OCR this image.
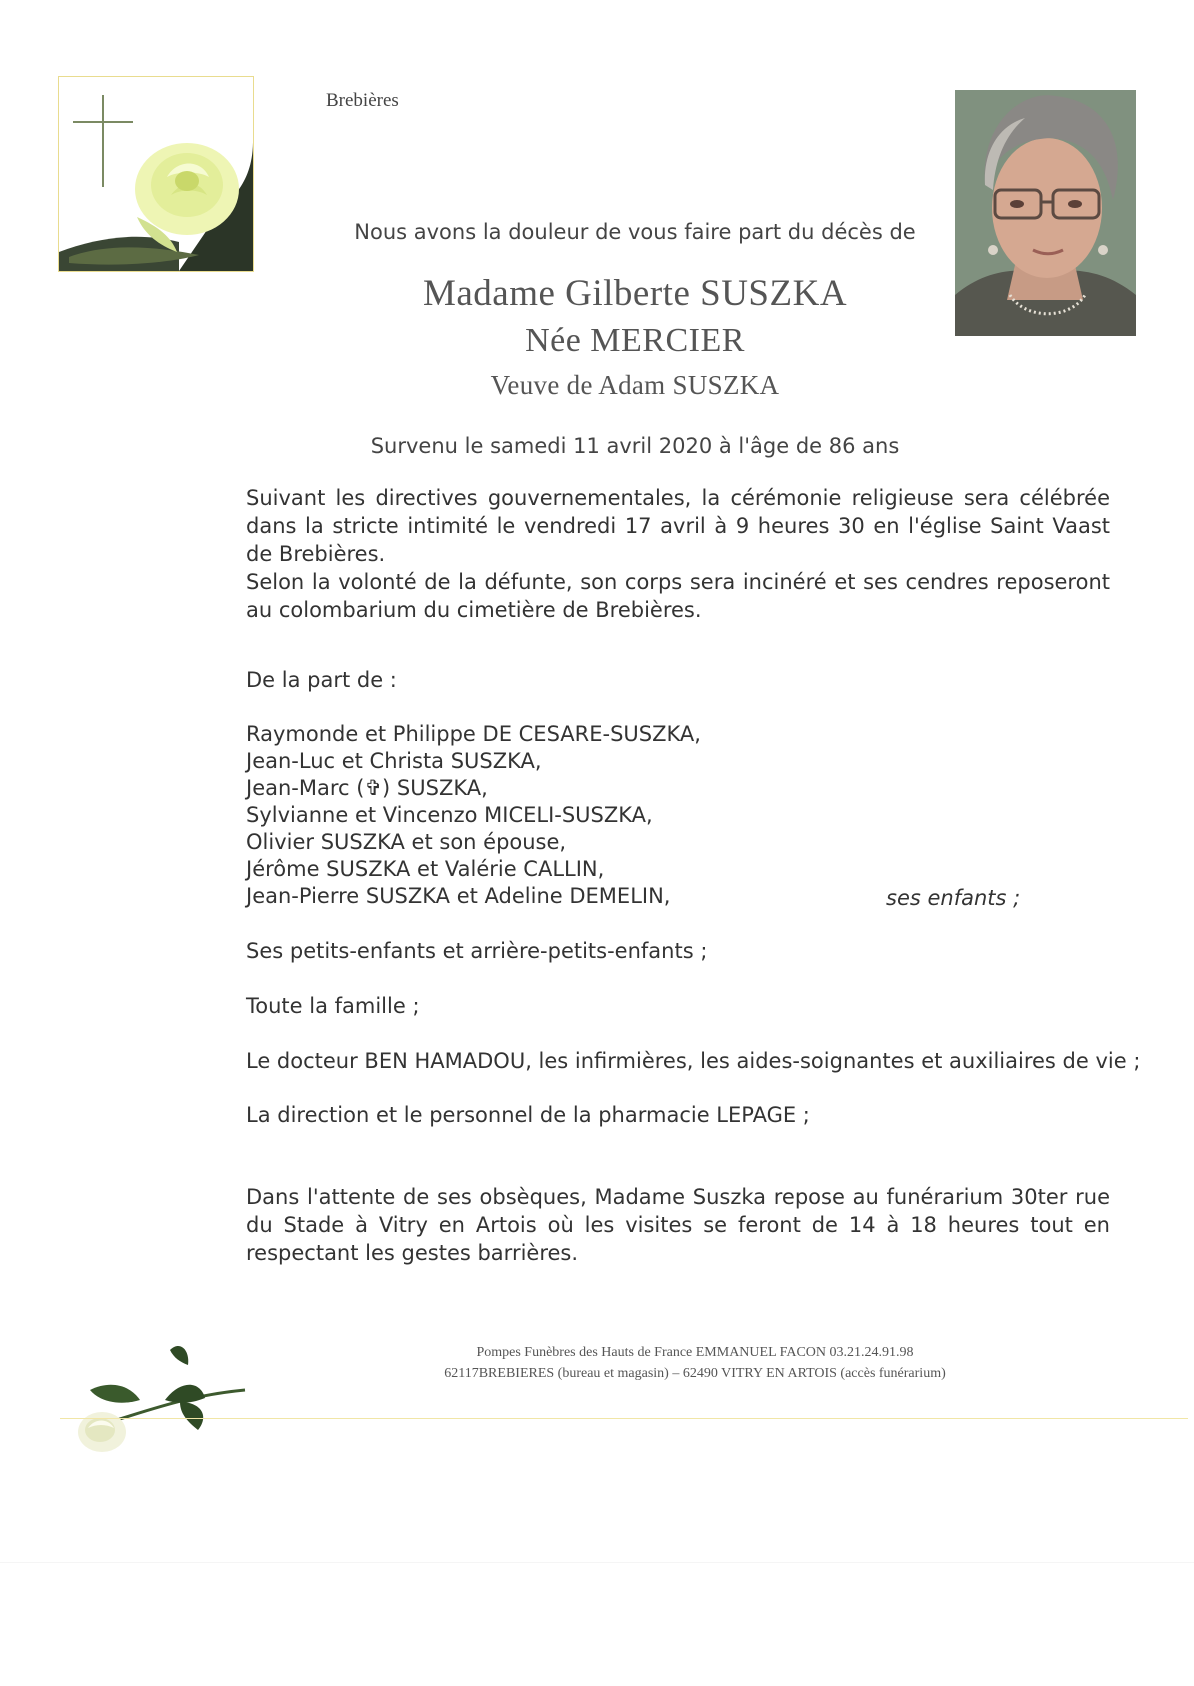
Brebières
Nous avons la douleur de vous faire part du décès de
Madame Gilberte SUSZKA
Née MERCIER
Veuve de Adam SUSZKA
Survenu le samedi 11 avril 2020 à l'âge de 86 ans
Suivant les directives gouvernementales, la cérémonie religieuse sera célébrée dans la stricte intimité le vendredi 17 avril à 9 heures 30 en l'église Saint Vaast de Brebières.
Selon la volonté de la défunte, son corps sera incinéré et ses cendres reposeront au colombarium du cimetière de Brebières.
De la part de :
Raymonde et Philippe DE CESARE-SUSZKA,
Jean-Luc et Christa SUSZKA,
Jean-Marc (✞) SUSZKA,
Sylvianne et Vincenzo MICELI-SUSZKA,
Olivier SUSZKA et son épouse,
Jérôme SUSZKA et Valérie CALLIN,
Jean-Pierre SUSZKA et Adeline DEMELIN,	ses enfants ;
Ses petits-enfants et arrière-petits-enfants ;
Toute la famille ;
Le docteur BEN HAMADOU, les infirmières, les aides-soignantes et auxiliaires de vie ;
La direction et le personnel de la pharmacie LEPAGE ;
Dans l'attente de ses obsèques, Madame Suszka repose au funérarium 30ter rue du Stade à Vitry en Artois où les visites se feront de 14 à 18 heures tout en respectant les gestes barrières.
Pompes Funèbres des Hauts de France EMMANUEL FACON 03.21.24.91.98
62117BREBIERES (bureau et magasin) – 62490 VITRY EN ARTOIS (accès funérarium)
